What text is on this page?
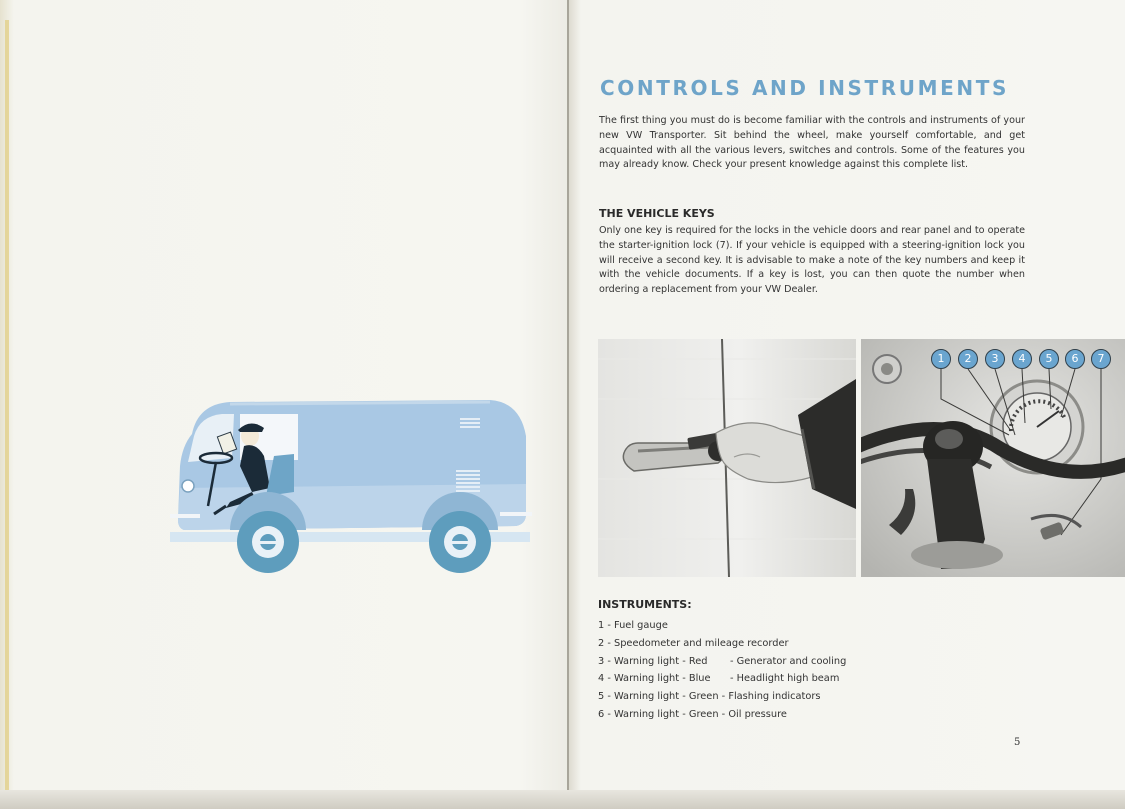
CONTROLS AND INSTRUMENTS

The first thing you must do is become familiar with the controls and instruments of your new VW Transporter. Sit behind the wheel, make yourself comfortable, and get acquainted with all the various levers, switches and controls. Some of the features you may already know. Check your present knowledge against this complete list.

THE VEHICLE KEYS

Only one key is required for the locks in the vehicle doors and rear panel and to operate the starter-ignition lock (7). If your vehicle is equipped with a steering-ignition lock you will receive a second key. It is advisable to make a note of the key numbers and keep it with the vehicle documents. If a key is lost, you can then quote the number when ordering a replacement from your VW Dealer.

1	2	3	4	5	6	7
INSTRUMENTS:
1 - Fuel gauge
2 - Speedometer and mileage recorder
3 - Warning light - Red - Generator and cooling
4 - Warning light - Blue - Headlight high beam
5 - Warning light - Green - Flashing indicators
6 - Warning light - Green - Oil pressure
5
